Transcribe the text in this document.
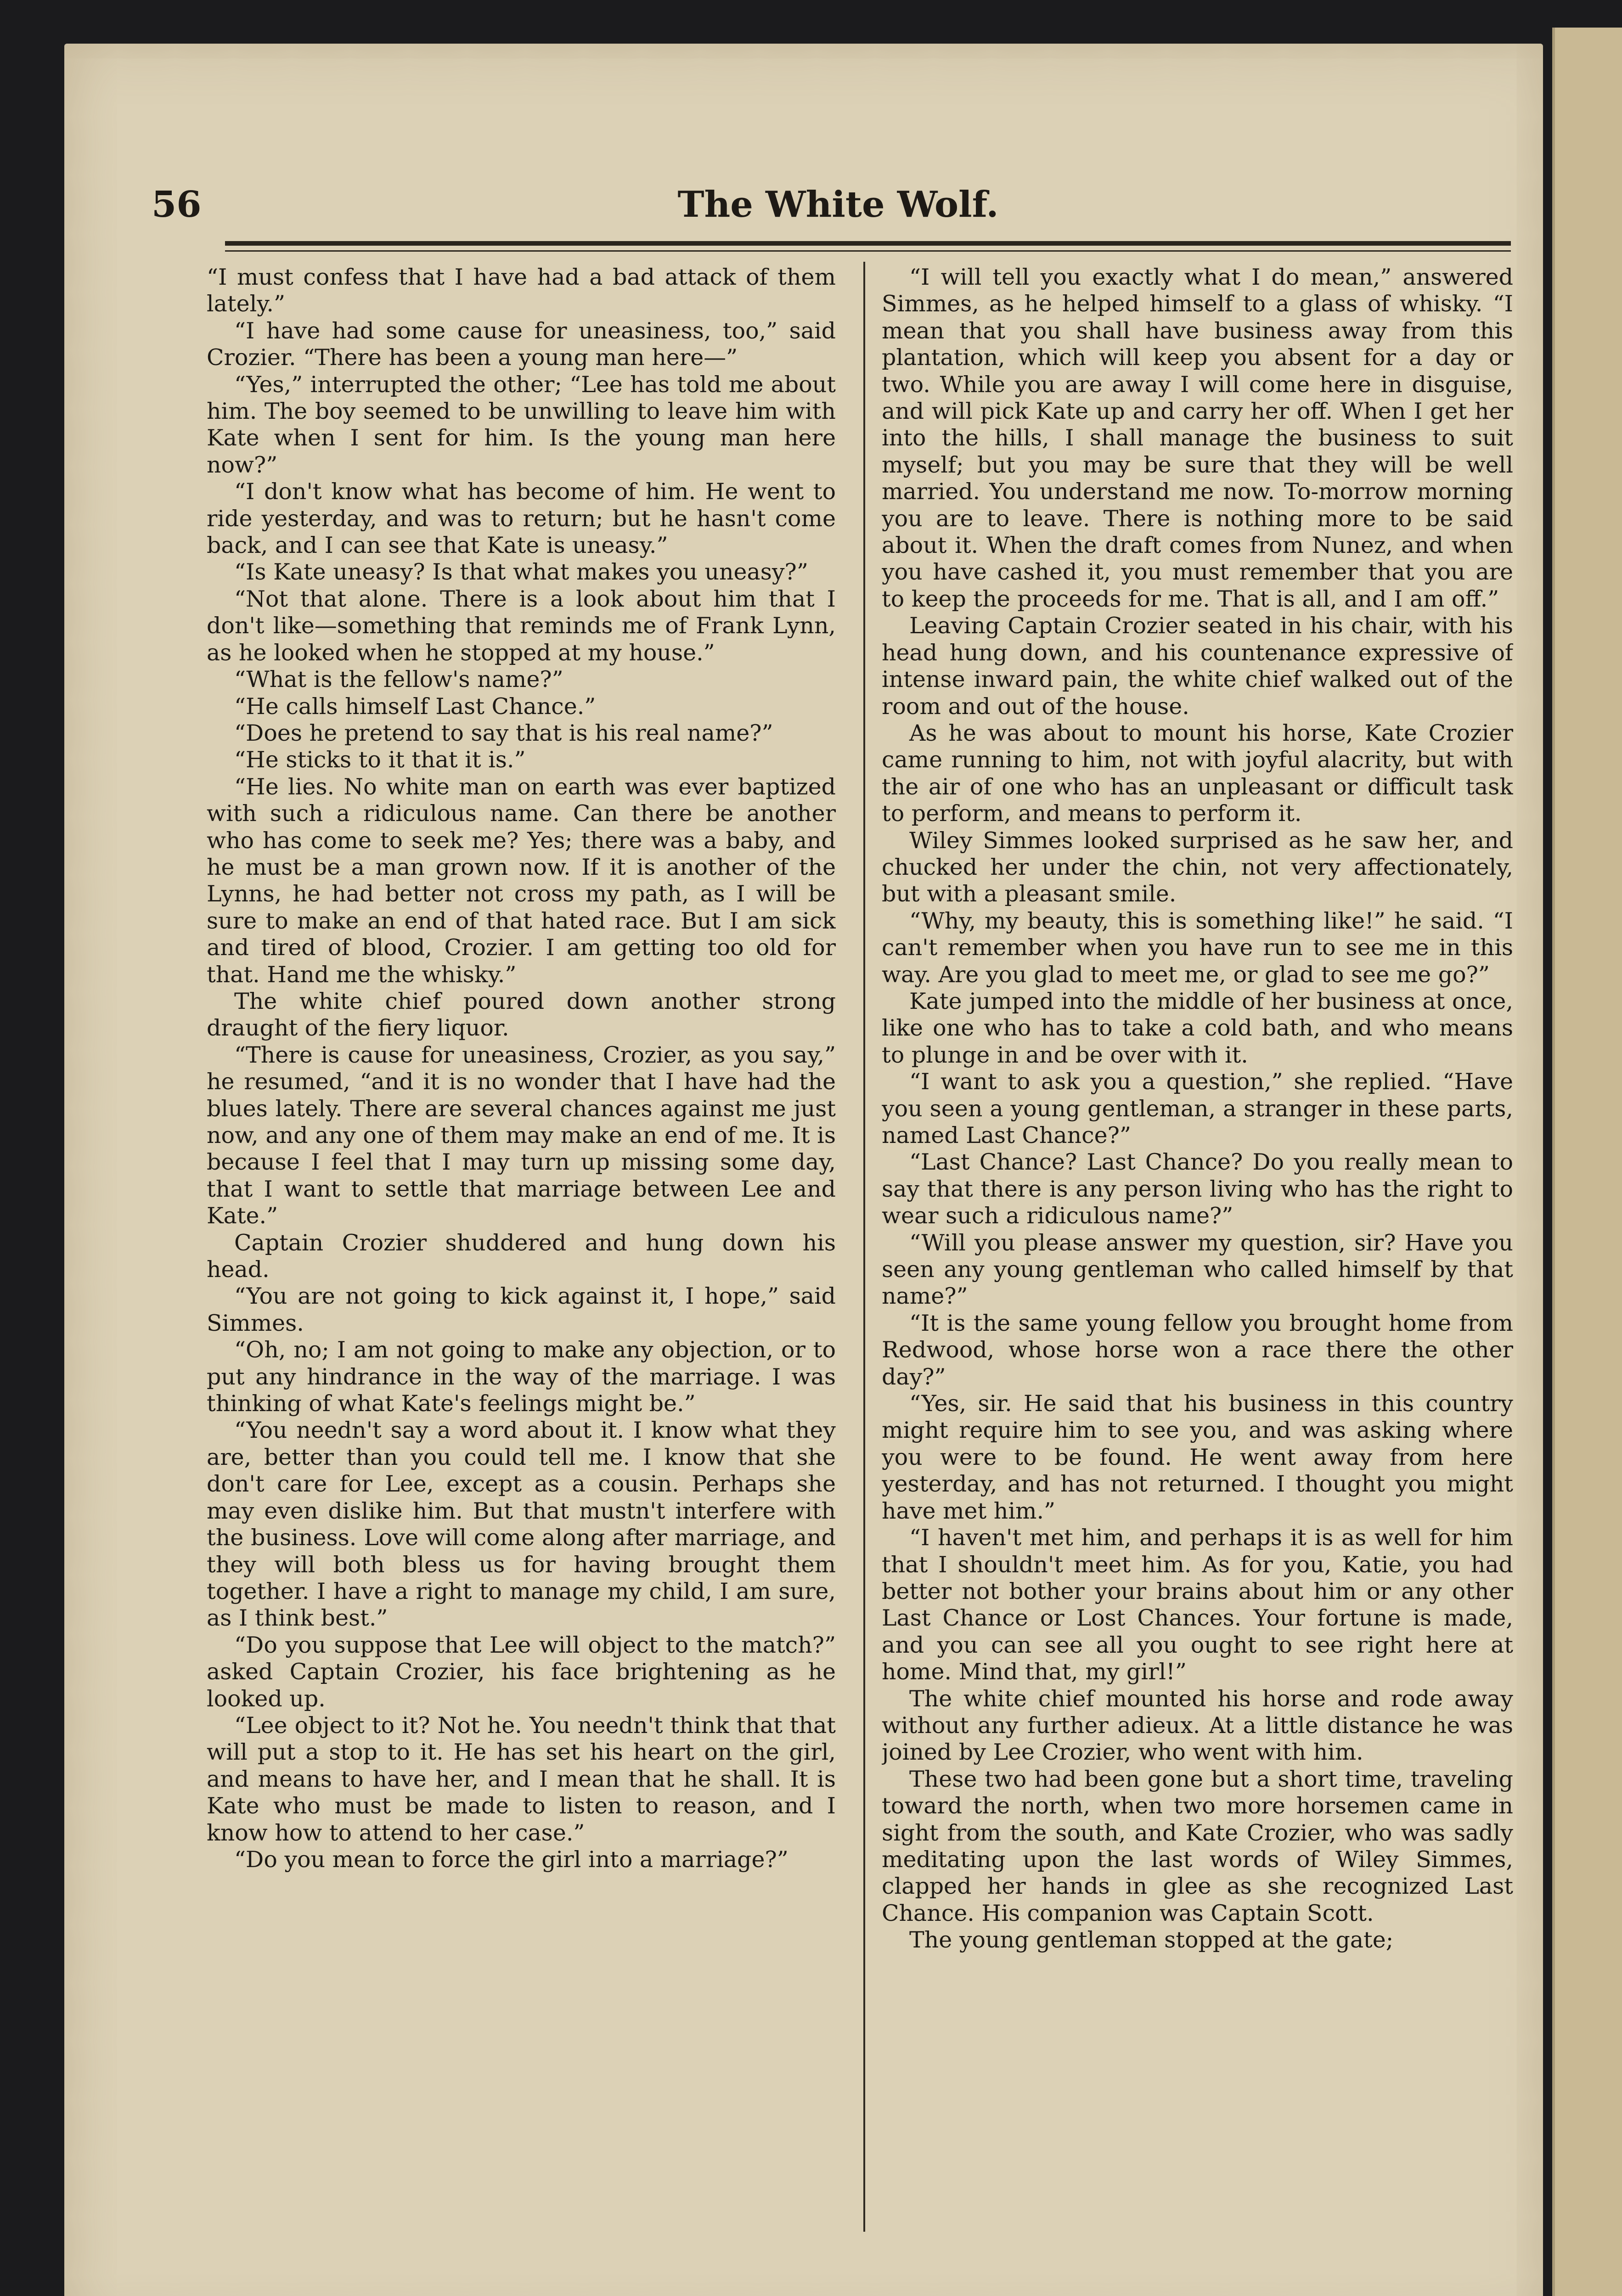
56	The White Wolf.

“I must confess that I have had a bad attack of them lately.”

“I have had some cause for uneasiness, too,” said Crozier. “There has been a young man here—”

“Yes,” interrupted the other; “Lee has told me about him. The boy seemed to be unwilling to leave him with Kate when I sent for him. Is the young man here now?”

“I don't know what has become of him. He went to ride yesterday, and was to return; but he hasn't come back, and I can see that Kate is uneasy.”

“Is Kate uneasy? Is that what makes you uneasy?”

“Not that alone. There is a look about him that I don't like—something that reminds me of Frank Lynn, as he looked when he stopped at my house.”

“What is the fellow's name?”

“He calls himself Last Chance.”

“Does he pretend to say that is his real name?”

“He sticks to it that it is.”

“He lies. No white man on earth was ever baptized with such a ridiculous name. Can there be another who has come to seek me? Yes; there was a baby, and he must be a man grown now. If it is another of the Lynns, he had better not cross my path, as I will be sure to make an end of that hated race. But I am sick and tired of blood, Crozier. I am getting too old for that. Hand me the whisky.”

The white chief poured down another strong draught of the fiery liquor.

“There is cause for uneasiness, Crozier, as you say,” he resumed, “and it is no wonder that I have had the blues lately. There are several chances against me just now, and any one of them may make an end of me. It is because I feel that I may turn up missing some day, that I want to settle that marriage between Lee and Kate.”

Captain Crozier shuddered and hung down his head.

“You are not going to kick against it, I hope,” said Simmes.

“Oh, no; I am not going to make any objection, or to put any hindrance in the way of the marriage. I was thinking of what Kate's feelings might be.”

“You needn't say a word about it. I know what they are, better than you could tell me. I know that she don't care for Lee, except as a cousin. Perhaps she may even dislike him. But that mustn't interfere with the business. Love will come along after marriage, and they will both bless us for having brought them together. I have a right to manage my child, I am sure, as I think best.”

“Do you suppose that Lee will object to the match?” asked Captain Crozier, his face brightening as he looked up.

“Lee object to it? Not he. You needn't think that that will put a stop to it. He has set his heart on the girl, and means to have her, and I mean that he shall. It is Kate who must be made to listen to reason, and I know how to attend to her case.”

“Do you mean to force the girl into a marriage?”

“I will tell you exactly what I do mean,” answered Simmes, as he helped himself to a glass of whisky. “I mean that you shall have business away from this plantation, which will keep you absent for a day or two. While you are away I will come here in disguise, and will pick Kate up and carry her off. When I get her into the hills, I shall manage the business to suit myself; but you may be sure that they will be well married. You understand me now. To-morrow morning you are to leave. There is nothing more to be said about it. When the draft comes from Nunez, and when you have cashed it, you must remember that you are to keep the proceeds for me. That is all, and I am off.”

Leaving Captain Crozier seated in his chair, with his head hung down, and his countenance expressive of intense inward pain, the white chief walked out of the room and out of the house.

As he was about to mount his horse, Kate Crozier came running to him, not with joyful alacrity, but with the air of one who has an unpleasant or difficult task to perform, and means to perform it.

Wiley Simmes looked surprised as he saw her, and chucked her under the chin, not very affectionately, but with a pleasant smile.

“Why, my beauty, this is something like!” he said. “I can't remember when you have run to see me in this way. Are you glad to meet me, or glad to see me go?”

Kate jumped into the middle of her business at once, like one who has to take a cold bath, and who means to plunge in and be over with it.

“I want to ask you a question,” she replied. “Have you seen a young gentleman, a stranger in these parts, named Last Chance?”

“Last Chance? Last Chance? Do you really mean to say that there is any person living who has the right to wear such a ridiculous name?”

“Will you please answer my question, sir? Have you seen any young gentleman who called himself by that name?”

“It is the same young fellow you brought home from Redwood, whose horse won a race there the other day?”

“Yes, sir. He said that his business in this country might require him to see you, and was asking where you were to be found. He went away from here yesterday, and has not returned. I thought you might have met him.”

“I haven't met him, and perhaps it is as well for him that I shouldn't meet him. As for you, Katie, you had better not bother your brains about him or any other Last Chance or Lost Chances. Your fortune is made, and you can see all you ought to see right here at home. Mind that, my girl!”

The white chief mounted his horse and rode away without any further adieux. At a little distance he was joined by Lee Crozier, who went with him.

These two had been gone but a short time, traveling toward the north, when two more horsemen came in sight from the south, and Kate Crozier, who was sadly meditating upon the last words of Wiley Simmes, clapped her hands in glee as she recognized Last Chance. His companion was Captain Scott.

The young gentleman stopped at the gate;
